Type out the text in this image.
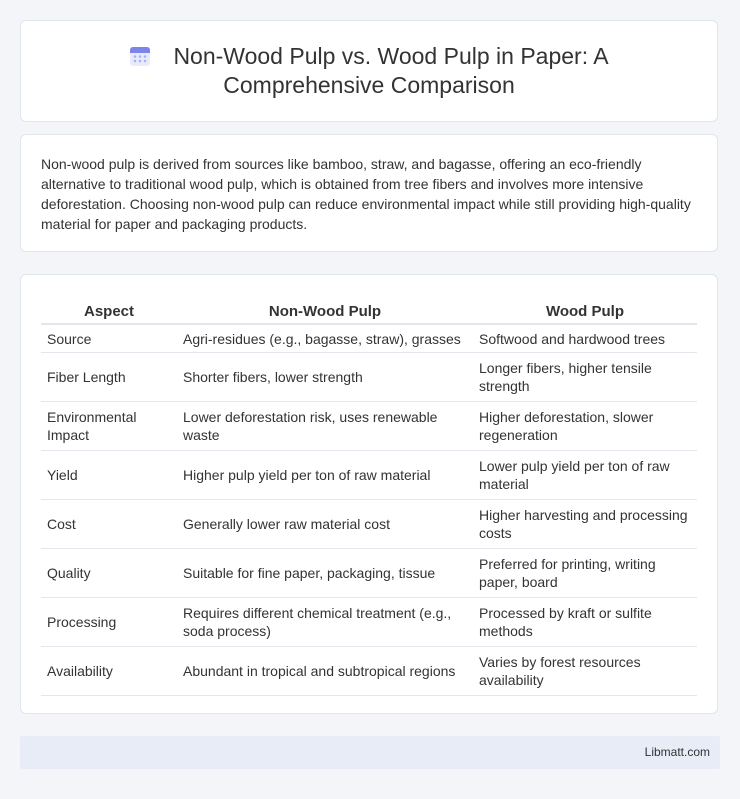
Non-Wood Pulp vs. Wood Pulp in Paper: A
Comprehensive Comparison

Non-wood pulp is derived from sources like bamboo, straw, and bagasse, offering an eco-friendly alternative to traditional wood pulp, which is obtained from tree fibers and involves more intensive deforestation. Choosing non-wood pulp can reduce environmental impact while still providing high-quality material for paper and packaging products.

Aspect	Non-Wood Pulp	Wood Pulp
Source	Agri-residues (e.g., bagasse, straw), grasses	Softwood and hardwood trees
Fiber Length	Shorter fibers, lower strength	Longer fibers, higher tensile strength
Environmental Impact	Lower deforestation risk, uses renewable waste	Higher deforestation, slower regeneration
Yield	Higher pulp yield per ton of raw material	Lower pulp yield per ton of raw material
Cost	Generally lower raw material cost	Higher harvesting and processing costs
Quality	Suitable for fine paper, packaging, tissue	Preferred for printing, writing paper, board
Processing	Requires different chemical treatment (e.g., soda process)	Processed by kraft or sulfite methods
Availability	Abundant in tropical and subtropical regions	Varies by forest resources availability
Libmatt.com
